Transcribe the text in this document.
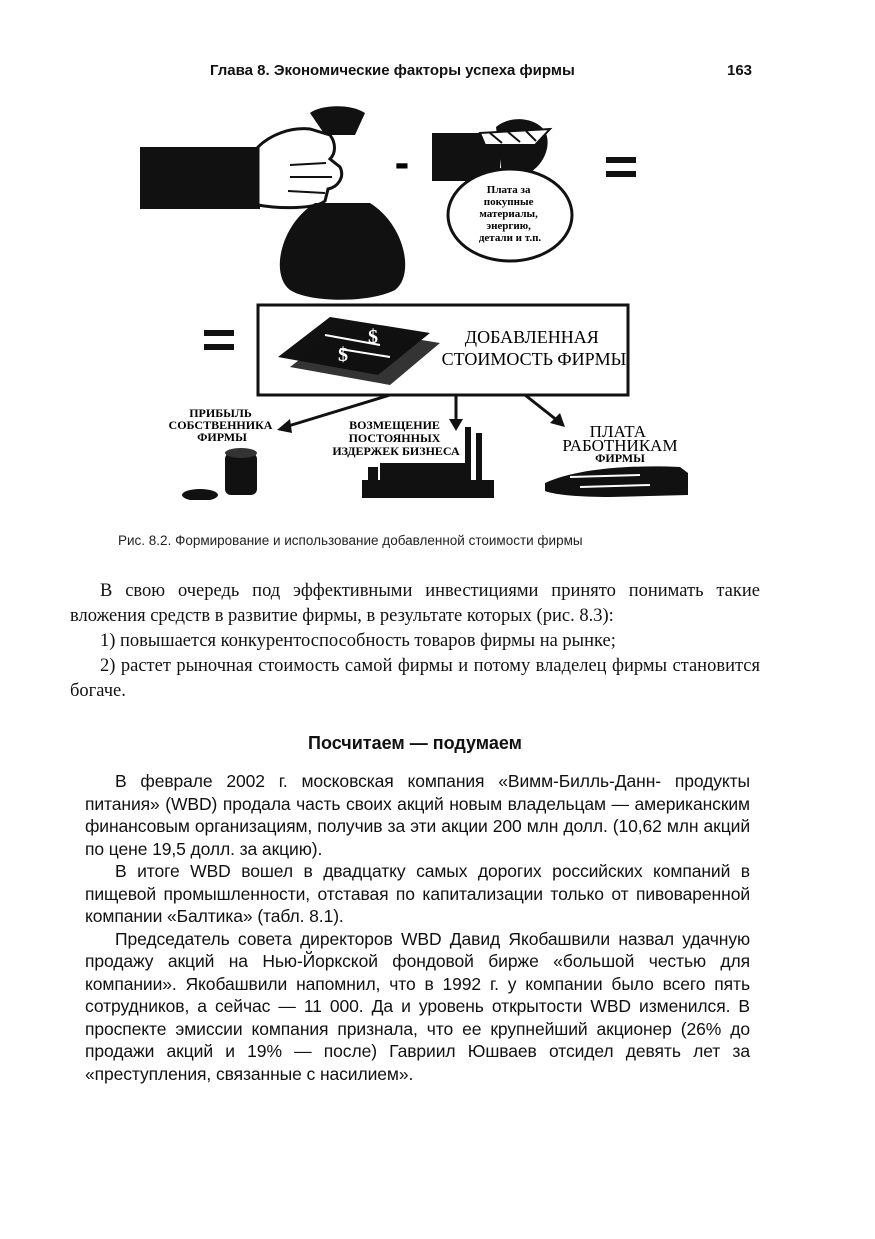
Глава 8. Экономические факторы успеха фирмы	163
-
Плата за покупные материалы, энергию, детали и т.п.
$
$	ДОБАВЛЕННАЯ СТОИМОСТЬ ФИРМЫ
ПРИБЫЛЬ СОБСТВЕННИКА ФИРМЫ
ВОЗМЕЩЕНИЕ ПОСТОЯННЫХ ИЗДЕРЖЕК БИЗНЕСА
ПЛАТА РАБОТНИКАМ
ФИРМЫ
Рис. 8.2. Формирование и использование добавленной стоимости фирмы

В свою очередь под эффективными инвестициями принято понимать такие вложения средств в развитие фирмы, в результате которых (рис. 8.3):

1) повышается конкурентоспособность товаров фирмы на рынке;

2) растет рыночная стоимость самой фирмы и потому владелец фирмы становится богаче.

Посчитаем — подумаем

В феврале 2002 г. московская компания «Вимм-Билль-Данн- продукты питания» (WBD) продала часть своих акций новым владельцам — американским финансовым организациям, получив за эти акции 200 млн долл. (10,62 млн акций по цене 19,5 долл. за акцию).

В итоге WBD вошел в двадцатку самых дорогих российских компаний в пищевой промышленности, отставая по капитализации только от пивоваренной компании «Балтика» (табл. 8.1).

Председатель совета директоров WBD Давид Якобашвили назвал удачную продажу акций на Нью-Йоркской фондовой бирже «большой честью для компании». Якобашвили напомнил, что в 1992 г. у компании было всего пять сотрудников, а сейчас — 11 000. Да и уровень открытости WBD изменился. В проспекте эмиссии компания признала, что ее крупнейший акционер (26% до продажи акций и 19% — после) Гавриил Юшваев отсидел девять лет за «преступления, связанные с насилием».
